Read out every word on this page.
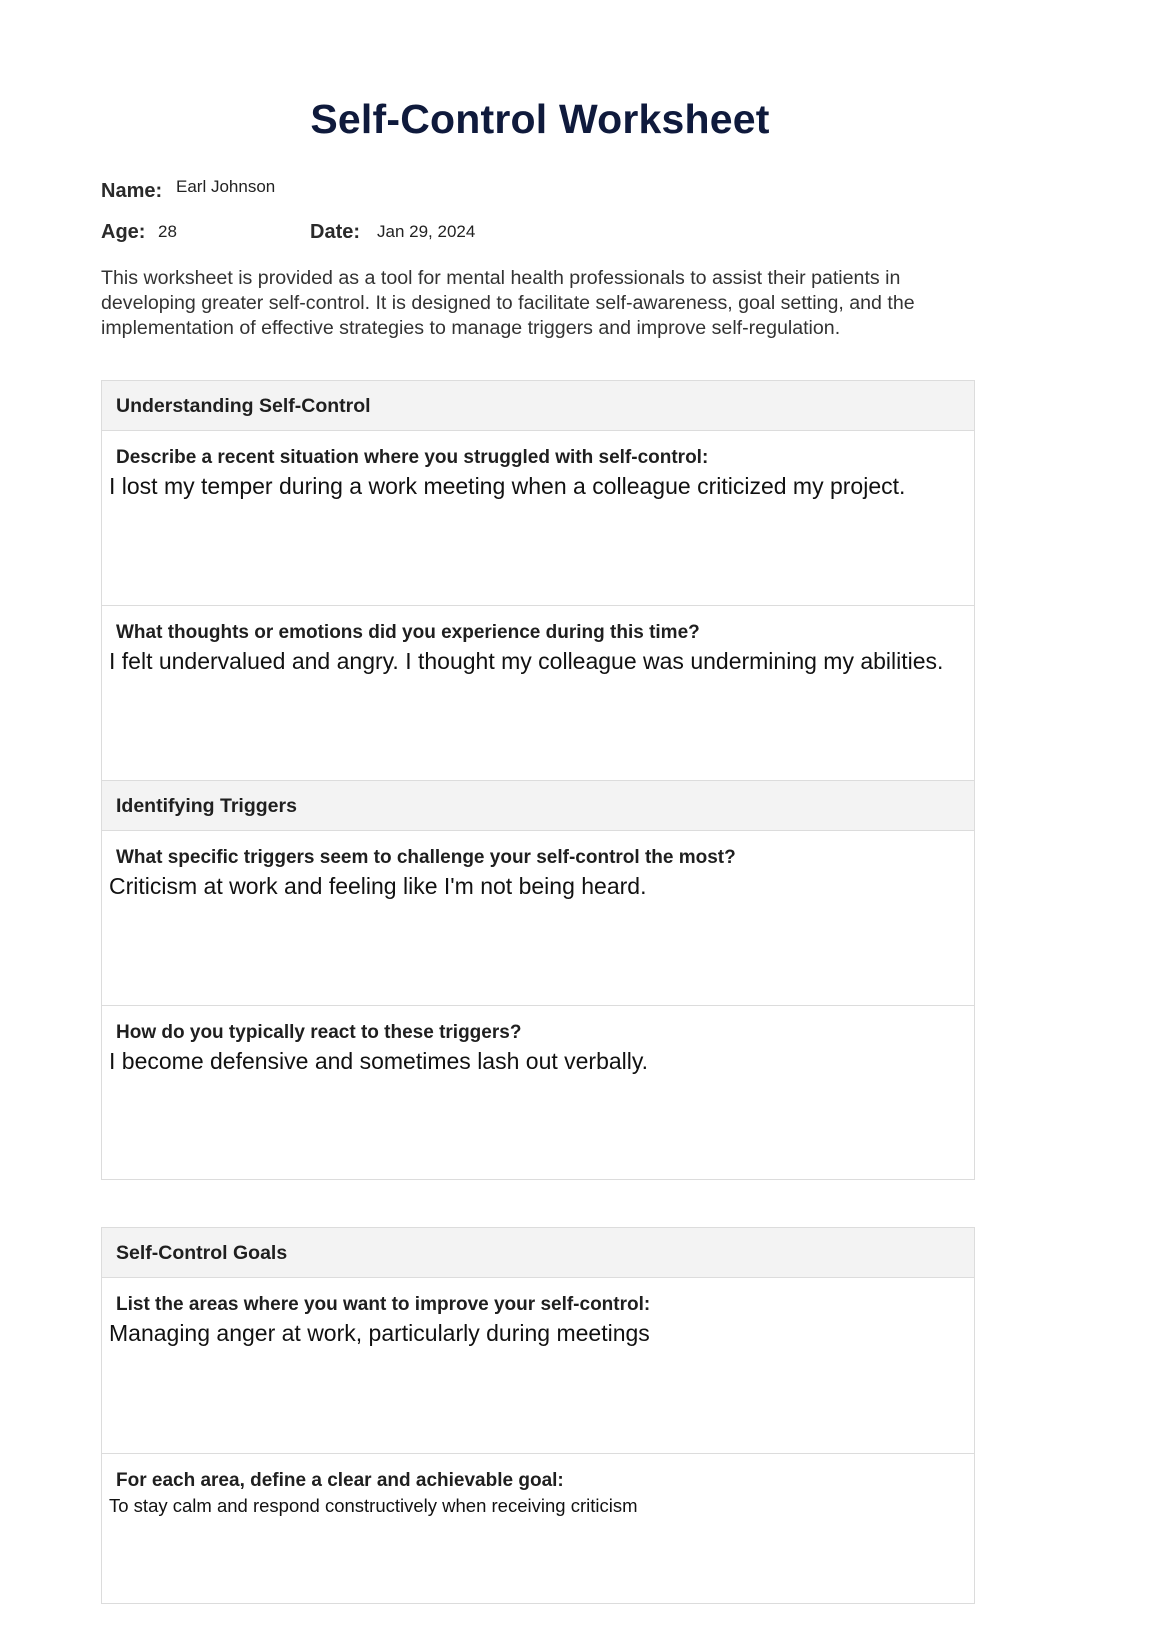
Self-Control Worksheet
Name: Earl Johnson
Age: 28	Date: Jan 29, 2024
This worksheet is provided as a tool for mental health professionals to assist their patients in developing greater self-control. It is designed to facilitate self-awareness, goal setting, and the implementation of effective strategies to manage triggers and improve self-regulation.
Understanding Self-Control
Describe a recent situation where you struggled with self-control:
I lost my temper during a work meeting when a colleague criticized my project.
What thoughts or emotions did you experience during this time?
I felt undervalued and angry. I thought my colleague was undermining my abilities.
Identifying Triggers
What specific triggers seem to challenge your self-control the most?
Criticism at work and feeling like I'm not being heard.
How do you typically react to these triggers?
I become defensive and sometimes lash out verbally.
Self-Control Goals
List the areas where you want to improve your self-control:
Managing anger at work, particularly during meetings
For each area, define a clear and achievable goal:
To stay calm and respond constructively when receiving criticism
